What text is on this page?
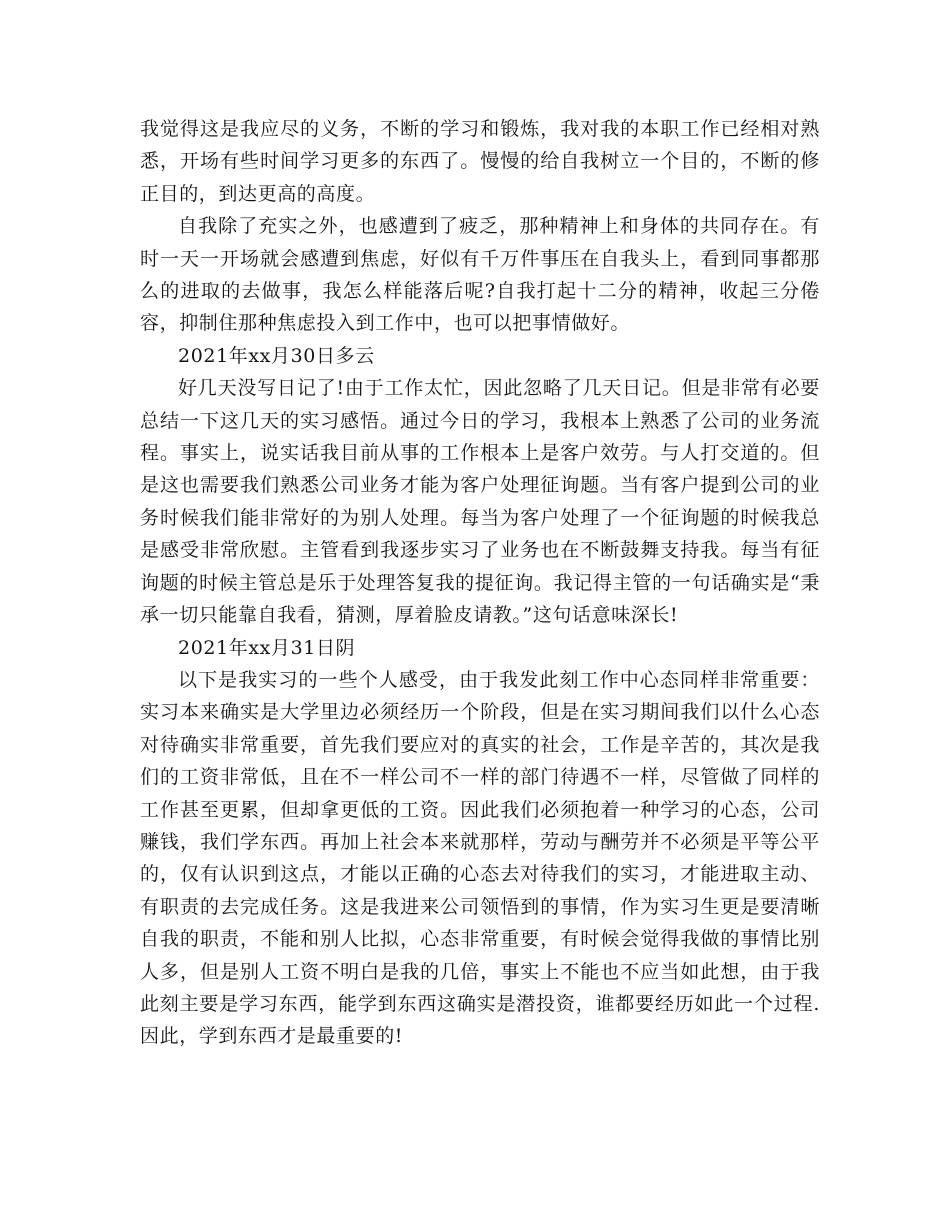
我觉得这是我应尽的义务，不断的学习和锻炼，我对我的本职工作已经相对熟悉，开场有些时间学习更多的东西了。慢慢的给自我树立一个目的，不断的修正目的，到达更高的高度。

自我除了充实之外，也感遭到了疲乏，那种精神上和身体的共同存在。有时一天一开场就会感遭到焦虑，好似有千万件事压在自我头上，看到同事都那么的进取的去做事，我怎么样能落后呢?自我打起十二分的精神，收起三分倦容，抑制住那种焦虑投入到工作中，也可以把事情做好。

2021年xx月30日多云

好几天没写日记了!由于工作太忙，因此忽略了几天日记。但是非常有必要总结一下这几天的实习感悟。通过今日的学习，我根本上熟悉了公司的业务流程。事实上，说实话我目前从事的工作根本上是客户效劳。与人打交道的。但是这也需要我们熟悉公司业务才能为客户处理征询题。当有客户提到公司的业务时候我们能非常好的为别人处理。每当为客户处理了一个征询题的时候我总是感受非常欣慰。主管看到我逐步实习了业务也在不断鼓舞支持我。每当有征询题的时候主管总是乐于处理答复我的提征询。我记得主管的一句话确实是“秉承一切只能靠自我看，猜测，厚着脸皮请教。”这句话意味深长!

2021年xx月31日阴

以下是我实习的一些个人感受，由于我发此刻工作中心态同样非常重要：实习本来确实是大学里边必须经历一个阶段，但是在实习期间我们以什么心态对待确实非常重要，首先我们要应对的真实的社会，工作是辛苦的，其次是我们的工资非常低，且在不一样公司不一样的部门待遇不一样，尽管做了同样的工作甚至更累，但却拿更低的工资。因此我们必须抱着一种学习的心态，公司赚钱，我们学东西。再加上社会本来就那样，劳动与酬劳并不必须是平等公平的，仅有认识到这点，才能以正确的心态去对待我们的实习，才能进取主动、有职责的去完成任务。这是我进来公司领悟到的事情，作为实习生更是要清晰自我的职责，不能和别人比拟，心态非常重要，有时候会觉得我做的事情比别人多，但是别人工资不明白是我的几倍，事实上不能也不应当如此想，由于我此刻主要是学习东西，能学到东西这确实是潜投资，谁都要经历如此一个过程.因此，学到东西才是最重要的!
